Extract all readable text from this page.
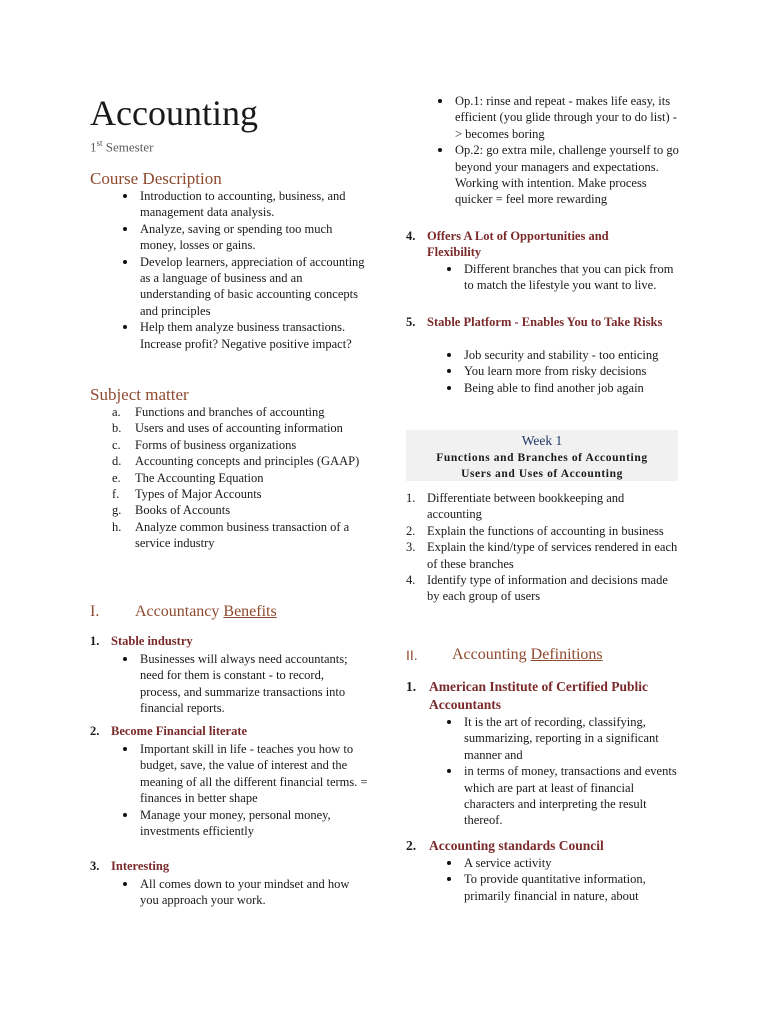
Accounting
1st Semester
Course Description
Introduction to accounting, business, and management data analysis.
Analyze, saving or spending too much money, losses or gains.
Develop learners, appreciation of accounting as a language of business and an understanding of basic accounting concepts and principles
Help them analyze business transactions. Increase profit? Negative positive impact?
Subject matter
a. Functions and branches of accounting
b. Users and uses of accounting information
c. Forms of business organizations
d. Accounting concepts and principles (GAAP)
e. The Accounting Equation
f. Types of Major Accounts
g. Books of Accounts
h. Analyze common business transaction of a service industry
I. Accountancy Benefits
1. Stable industry
Businesses will always need accountants; need for them is constant - to record, process, and summarize transactions into financial reports.
2. Become Financial literate
Important skill in life - teaches you how to budget, save, the value of interest and the meaning of all the different financial terms. = finances in better shape
Manage your money, personal money, investments efficiently
3. Interesting
All comes down to your mindset and how you approach your work.
Op.1: rinse and repeat - makes life easy, its efficient (you glide through your to do list) -> becomes boring
Op.2: go extra mile, challenge yourself to go beyond your managers and expectations. Working with intention. Make process quicker = feel more rewarding
4. Offers A Lot of Opportunities and Flexibility
Different branches that you can pick from to match the lifestyle you want to live.
5. Stable Platform - Enables You to Take Risks
Job security and stability - too enticing
You learn more from risky decisions
Being able to find another job again
1. Differentiate between bookkeeping and accounting
2. Explain the functions of accounting in business
3. Explain the kind/type of services rendered in each of these branches
4. Identify type of information and decisions made by each group of users
II. Accounting Definitions
1. American Institute of Certified Public Accountants
It is the art of recording, classifying, summarizing, reporting in a significant manner and
in terms of money, transactions and events which are part at least of financial characters and interpreting the result thereof.
2. Accounting standards Council
A service activity
To provide quantitative information, primarily financial in nature, about
Week 1
Functions and Branches of Accounting
Users and Uses of Accounting
